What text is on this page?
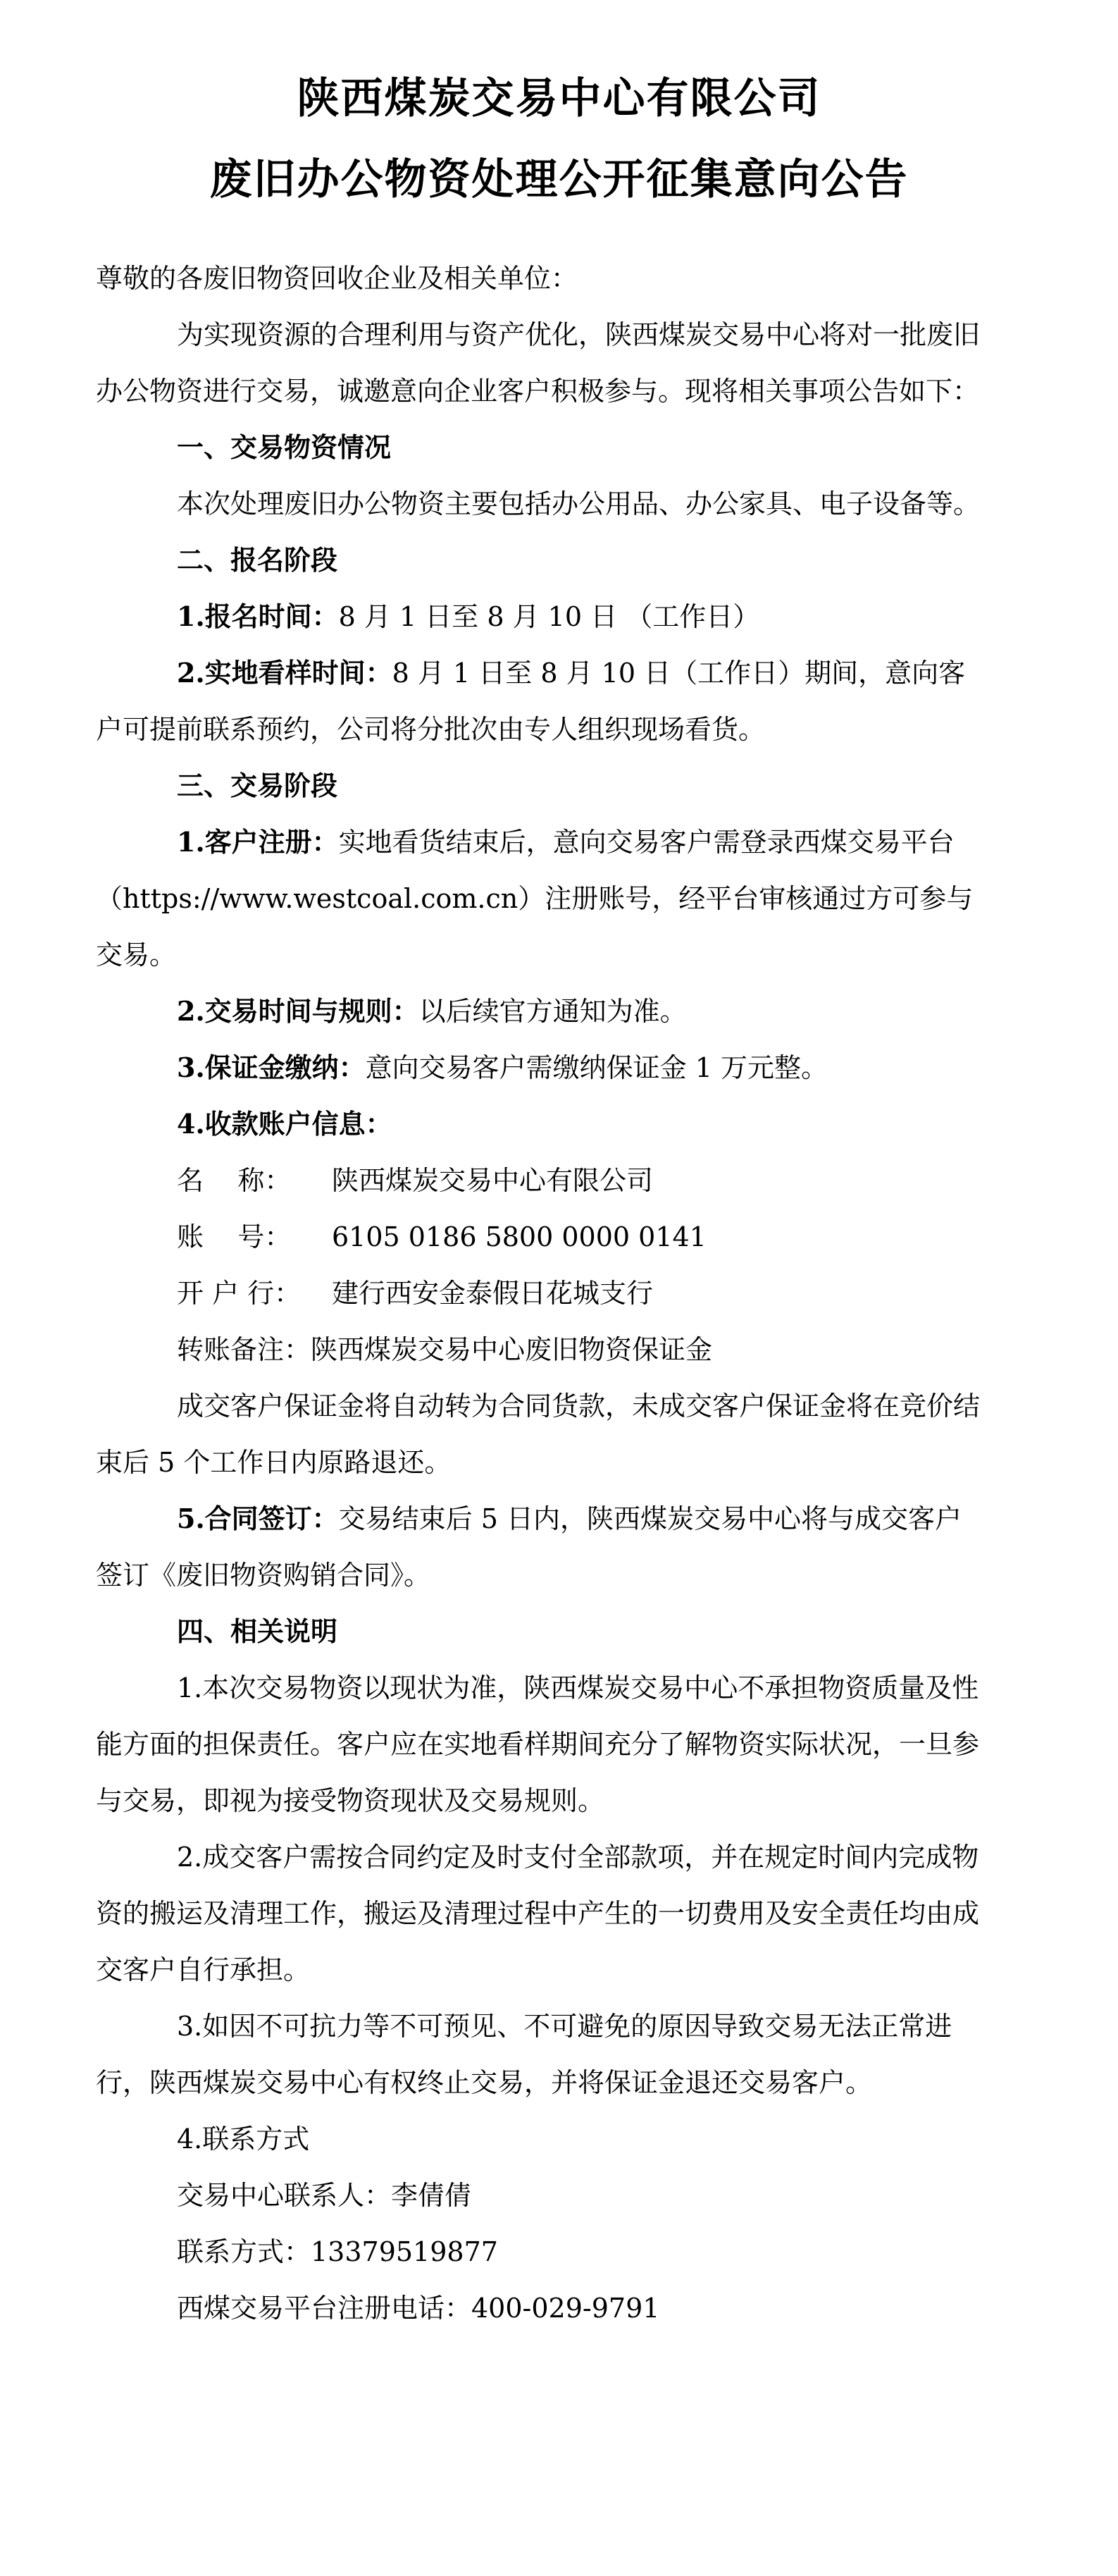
陕西煤炭交易中心有限公司
废旧办公物资处理公开征集意向公告

尊敬的各废旧物资回收企业及相关单位：

为实现资源的合理利用与资产优化，陕西煤炭交易中心将对一批废旧办公物资进行交易，诚邀意向企业客户积极参与。现将相关事项公告如下：

一、交易物资情况

本次处理废旧办公物资主要包括办公用品、办公家具、电子设备等。

二、报名阶段

1.报名时间：8 月 1 日至 8 月 10 日 （工作日）

2.实地看样时间：8 月 1 日至 8 月 10 日（工作日）期间，意向客户可提前联系预约，公司将分批次由专人组织现场看货。

三、交易阶段

1.客户注册：实地看货结束后，意向交易客户需登录西煤交易平台（https://www.westcoal.com.cn）注册账号，经平台审核通过方可参与交易。

2.交易时间与规则：以后续官方通知为准。

3.保证金缴纳：意向交易客户需缴纳保证金 1 万元整。

4.收款账户信息：

名    称： 陕西煤炭交易中心有限公司

账    号： 6105 0186 5800 0000 0141

开 户 行： 建行西安金泰假日花城支行

转账备注：陕西煤炭交易中心废旧物资保证金

成交客户保证金将自动转为合同货款，未成交客户保证金将在竞价结束后 5 个工作日内原路退还。

5.合同签订：交易结束后 5 日内，陕西煤炭交易中心将与成交客户签订《废旧物资购销合同》。

四、相关说明

1.本次交易物资以现状为准，陕西煤炭交易中心不承担物资质量及性能方面的担保责任。客户应在实地看样期间充分了解物资实际状况，一旦参与交易，即视为接受物资现状及交易规则。

2.成交客户需按合同约定及时支付全部款项，并在规定时间内完成物资的搬运及清理工作，搬运及清理过程中产生的一切费用及安全责任均由成交客户自行承担。

3.如因不可抗力等不可预见、不可避免的原因导致交易无法正常进行，陕西煤炭交易中心有权终止交易，并将保证金退还交易客户。

4.联系方式

交易中心联系人：李倩倩

联系方式：13379519877

西煤交易平台注册电话：400-029-9791
